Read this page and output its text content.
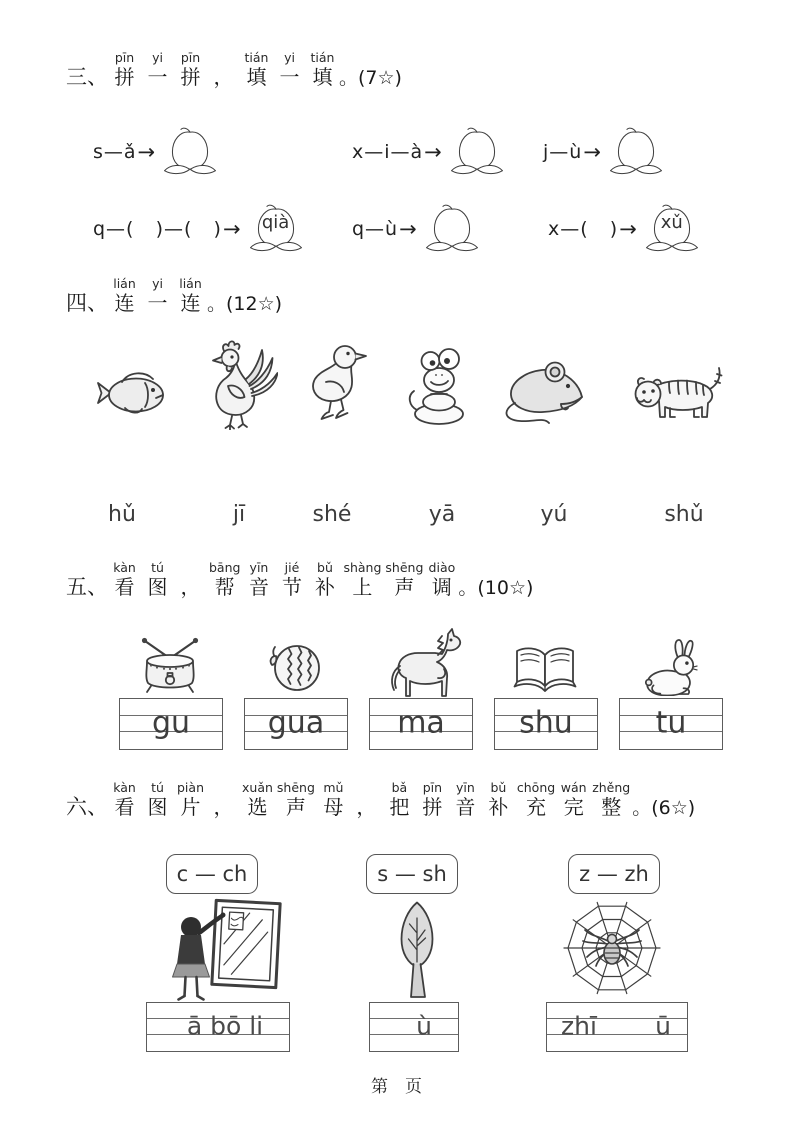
三、
pīn
拼
yi
一
pīn
拼 ，
tián
填
yi
一
tián
填 。(7☆)
s—ǎ →	x—i—à →	j—ù →
q—(   )—(   ) →	qià	q—ù →	x—(   ) →	xǔ
四、
lián
连
yi
一
lián
连 。(12☆)
hǔ	jī	shé	yā	yú	shǔ
五、
kàn
看
tú
图 ，
bāng
帮
yīn
音
jié
节
bǔ
补
shàng
上
shēng
声
diào
调 。(10☆)
gu	gua	ma	shu	tu
六、
kàn
看
tú
图
piàn
片 ，
xuǎn
选
shēng
声
mǔ
母 ，
bǎ
把
pīn
拼
yīn
音
bǔ
补
chōng
充
wán
完
zhěng
整 。(6☆)
c — ch	s — sh	z — zh
ā bō li	ù	zhī ū
第　页
